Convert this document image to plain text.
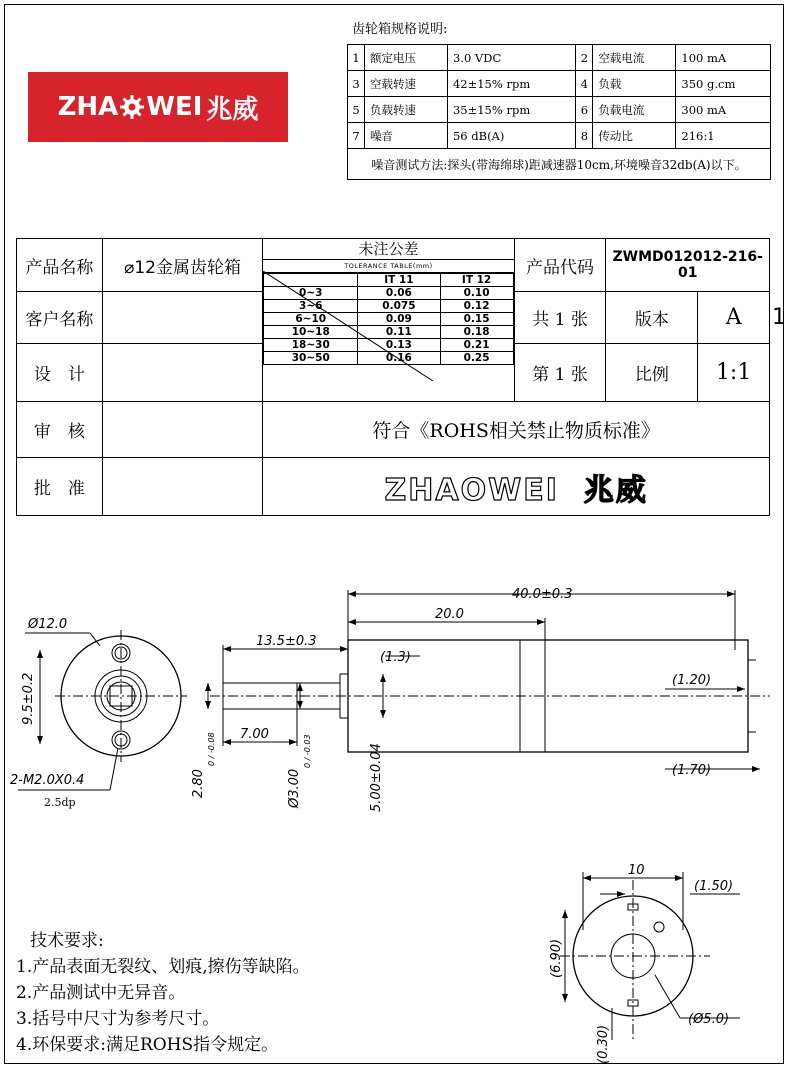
ZHA WEI 兆威
齿轮箱规格说明:
1	额定电压	3.0 VDC	2	空载电流	100 mA
3	空载转速	42±15% rpm	4	负载	350 g.cm
5	负载转速	35±15% rpm	6	负载电流	300 mA
7	噪音	56 dB(A)	8	传动比	216:1
噪音测试方法:探头(带海绵球)距减速器10cm,环境噪音32db(A)以下。					
产品名称	⌀12金属齿轮箱	
未注公差
TOLERANCE TABLE(mm)
	IT 11	IT 12
0~3	0.06	0.10
3~6	0.075	0.12
6~10	0.09	0.15
10~18	0.11	0.18
18~30	0.13	0.21
30~50	0.16	0.25
	产品代码	ZWMD012012-216-01
客户名称		共 1 张	版本	A
设　计		第 1 张	比例	1:1
审　核		符合《ROHS相关禁止物质标准》
批　准		ZHAOWEI  兆威
1
Ø12.0
9.5±0.2
2-M2.0X0.4
2.5dp
40.0±0.3
20.0
13.5±0.3
(1.3)
7.00
2.80
0 / -0.08
Ø3.00
0 / -0.03	5.00±0.04
(1.20)
(1.70)
10
(1.50)
(6.90)
(Ø5.0)
(0.30)
技术要求:
1.产品表面无裂纹、划痕,擦伤等缺陷。
2.产品测试中无异音。
3.括号中尺寸为参考尺寸。
4.环保要求:满足ROHS指令规定。
